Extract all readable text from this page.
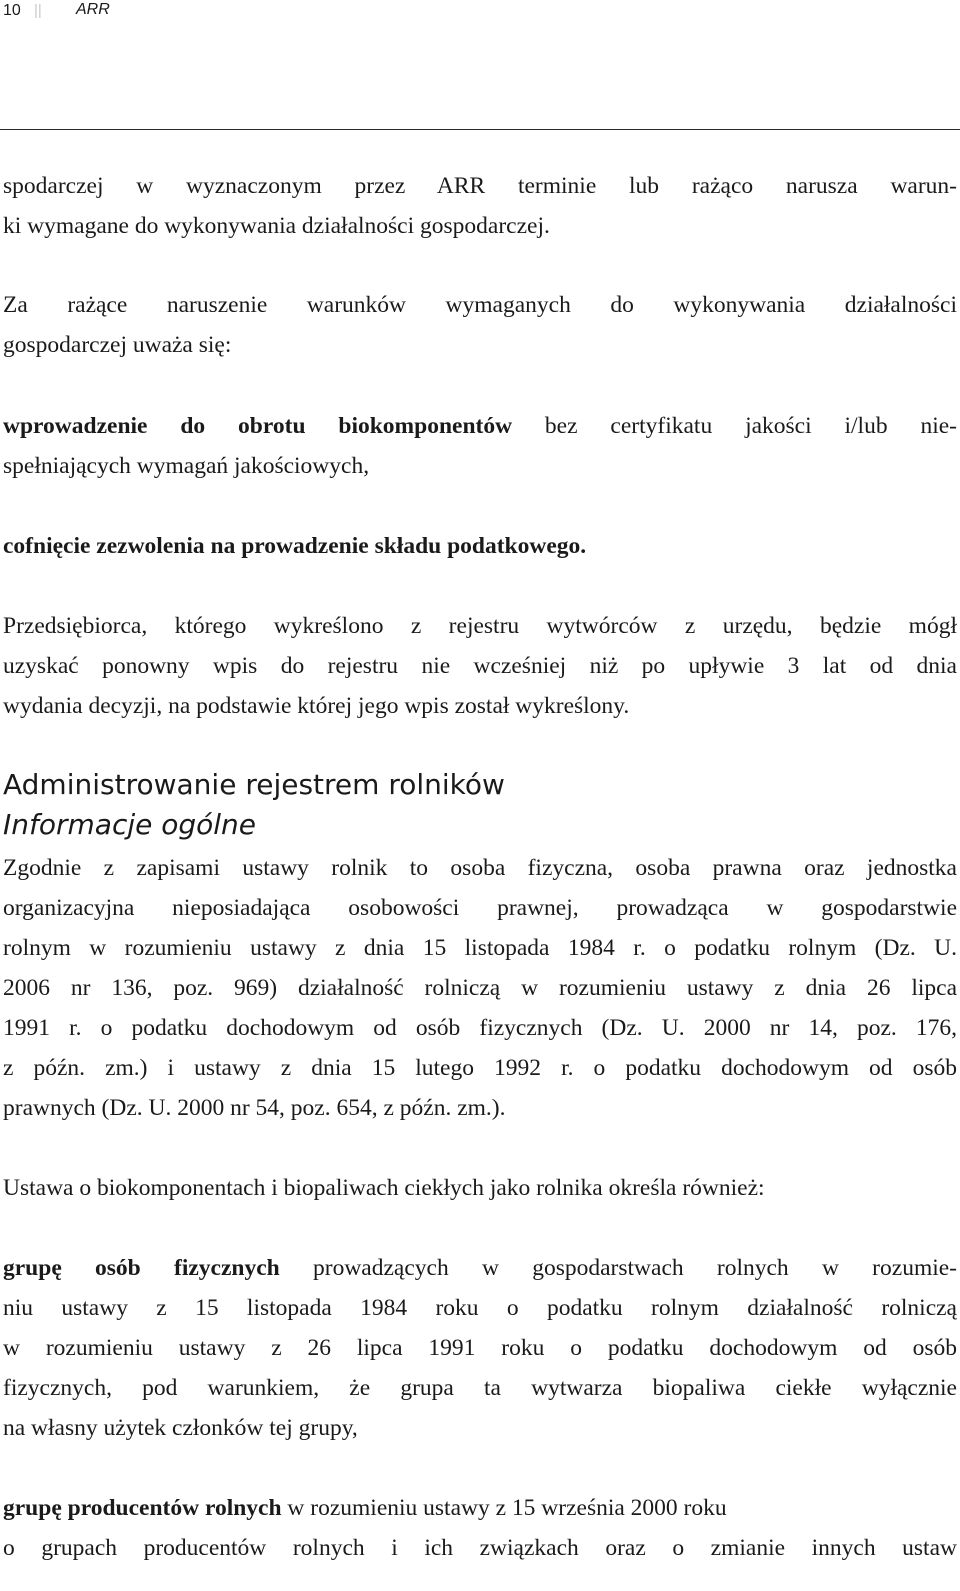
10 || ARR
spodarczej w wyznaczonym przez ARR terminie lub rażąco narusza warun-
ki wymagane do wykonywania działalności gospodarczej.
Za rażące naruszenie warunków wymaganych do wykonywania działalności
gospodarczej uważa się:
wprowadzenie do obrotu biokomponentów bez certyfikatu jakości i/lub nie-
spełniających wymagań jakościowych,
cofnięcie zezwolenia na prowadzenie składu podatkowego.
Przedsiębiorca, którego wykreślono z rejestru wytwórców z urzędu, będzie mógł
uzyskać ponowny wpis do rejestru nie wcześniej niż po upływie 3 lat od dnia
wydania decyzji, na podstawie której jego wpis został wykreślony.
Administrowanie rejestrem rolników
Informacje ogólne
Zgodnie z zapisami ustawy rolnik to osoba fizyczna, osoba prawna oraz jednostka
organizacyjna nieposiadająca osobowości prawnej, prowadząca w gospodarstwie
rolnym w rozumieniu ustawy z dnia 15 listopada 1984 r. o podatku rolnym (Dz. U.
2006 nr 136, poz. 969) działalność rolniczą w rozumieniu ustawy z dnia 26 lipca
1991 r. o podatku dochodowym od osób fizycznych (Dz. U. 2000 nr 14, poz. 176,
z późn. zm.) i ustawy z dnia 15 lutego 1992 r. o podatku dochodowym od osób
prawnych (Dz. U. 2000 nr 54, poz. 654, z późn. zm.).
Ustawa o biokomponentach i biopaliwach ciekłych jako rolnika określa również:
grupę osób fizycznych prowadzących w gospodarstwach rolnych w rozumie-
niu ustawy z 15 listopada 1984 roku o podatku rolnym działalność rolniczą
w rozumieniu ustawy z 26 lipca 1991 roku o podatku dochodowym od osób
fizycznych, pod warunkiem, że grupa ta wytwarza biopaliwa ciekłe wyłącznie
na własny użytek członków tej grupy,
grupę producentów rolnych w rozumieniu ustawy z 15 września 2000 roku
o grupach producentów rolnych i ich związkach oraz o zmianie innych ustaw
